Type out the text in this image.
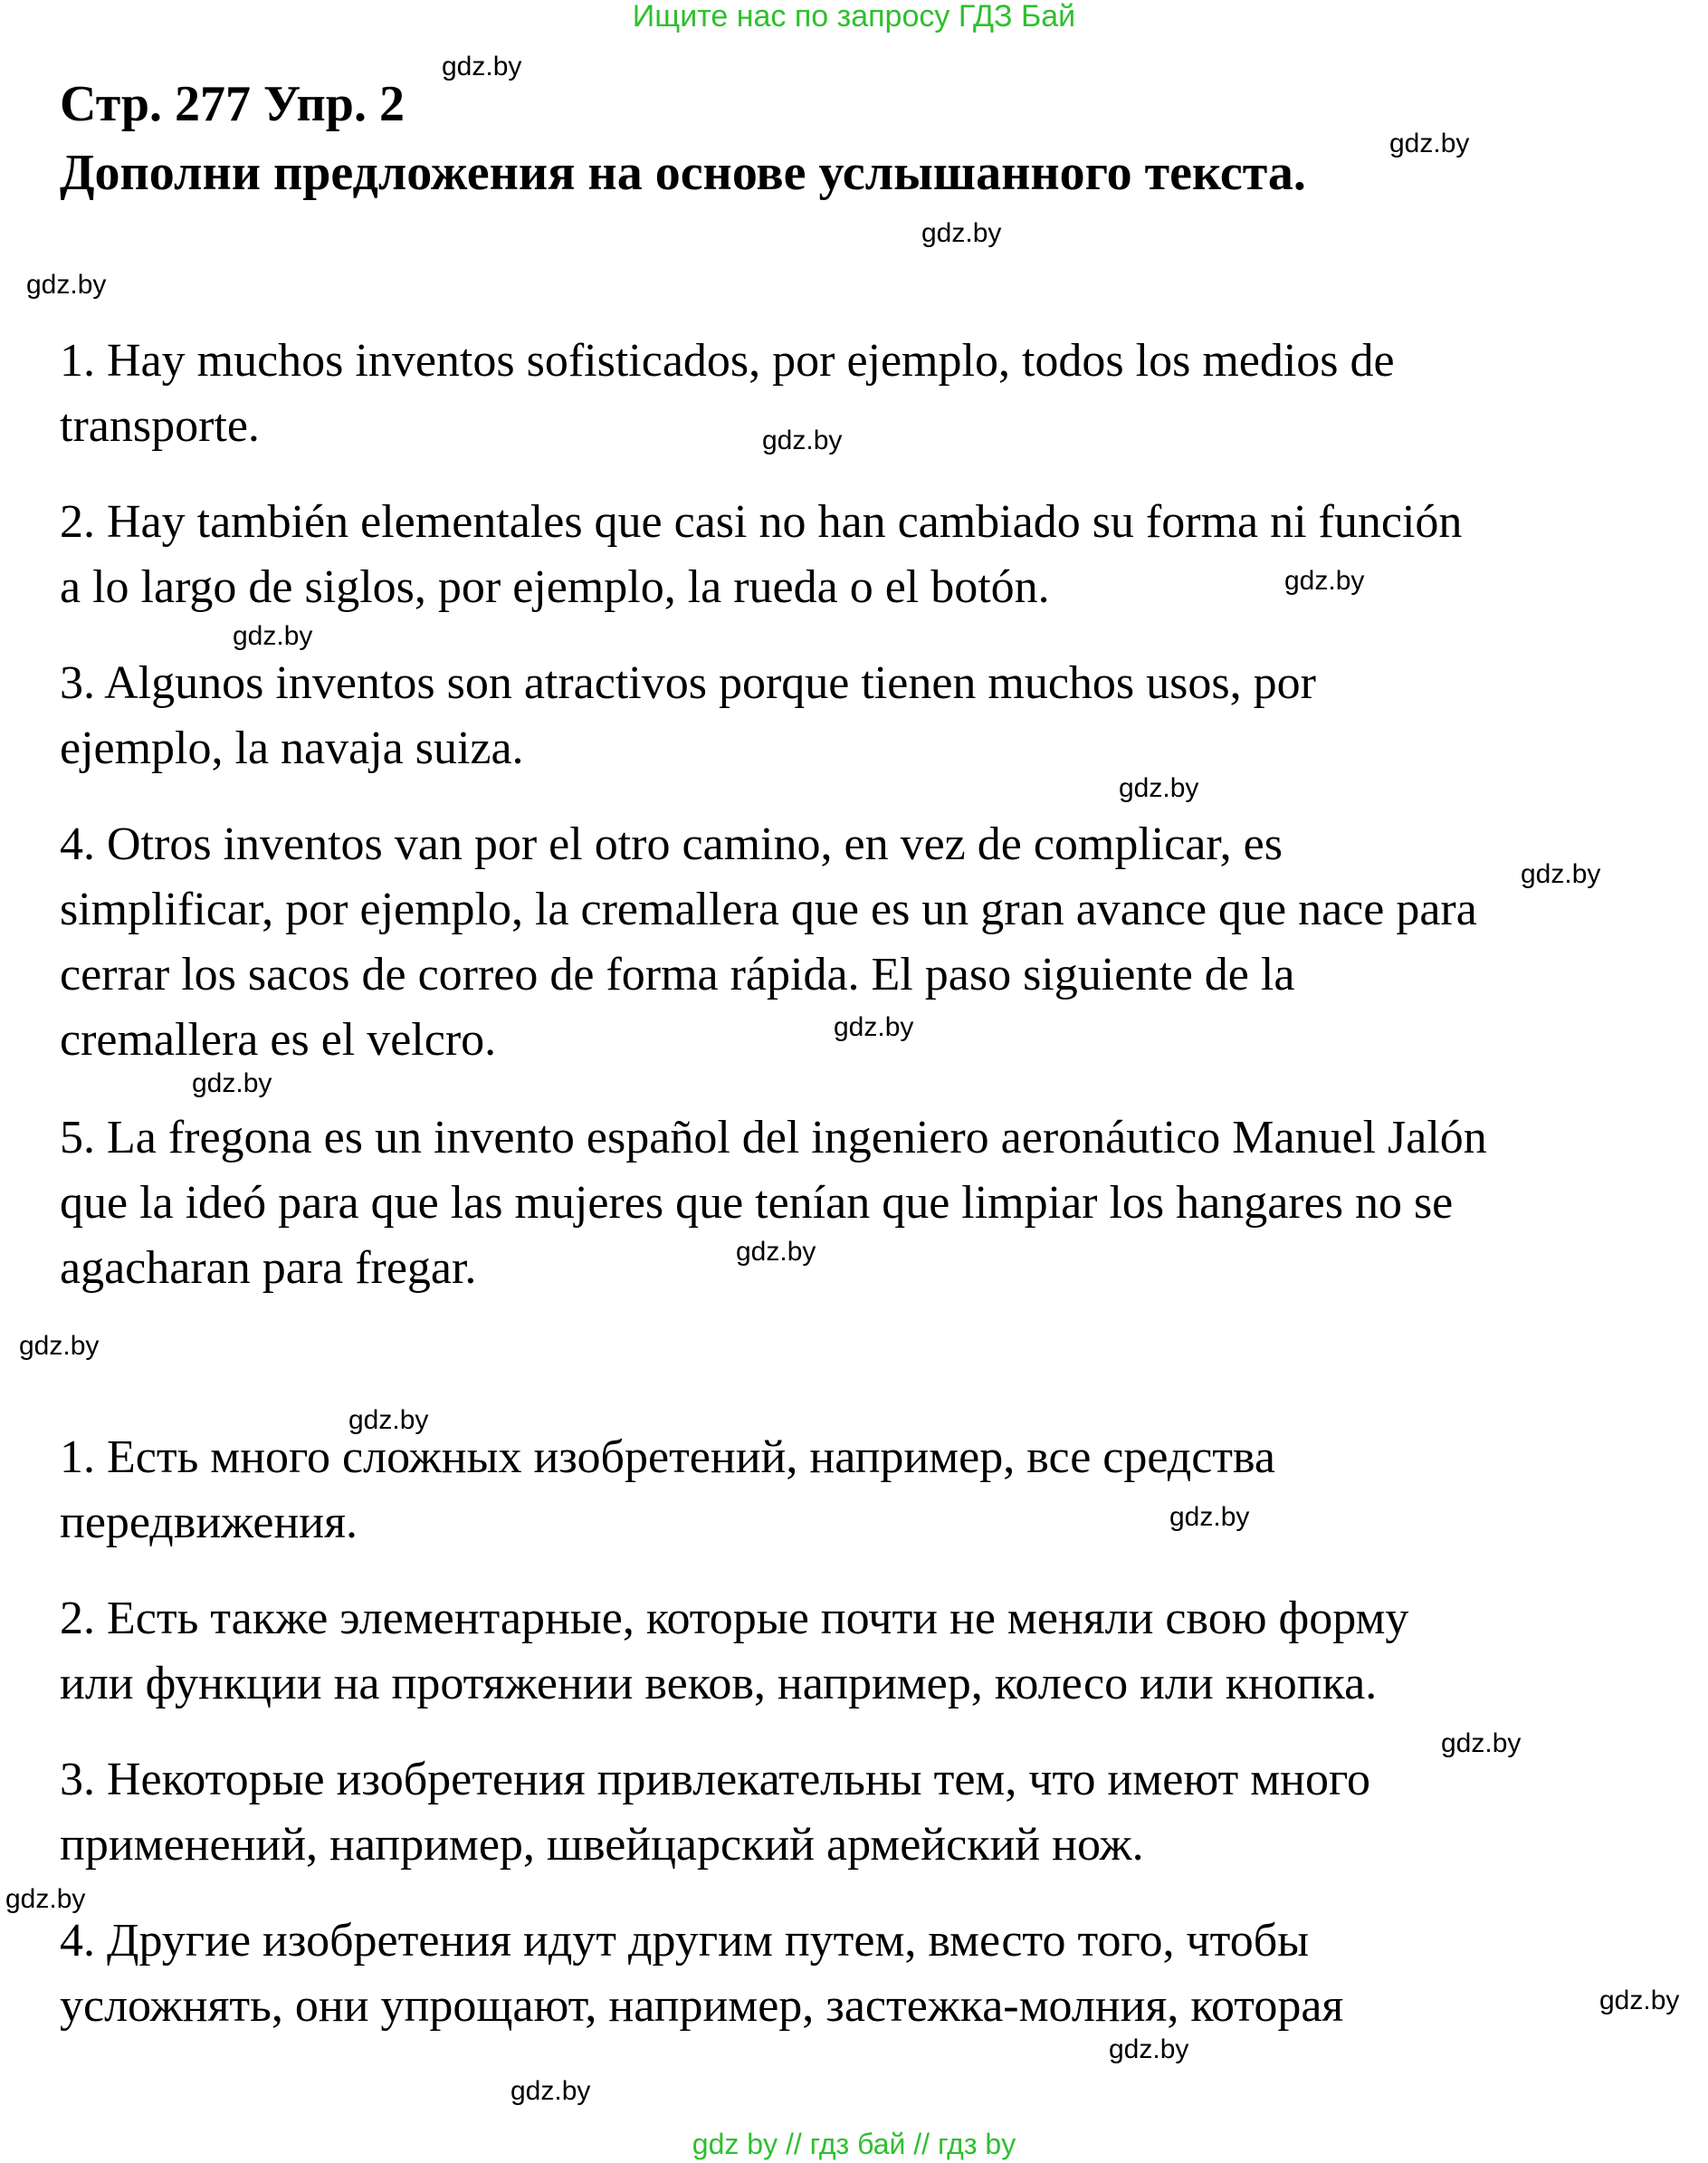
Ищите нас по запросу ГДЗ Бай
Стр. 277 Упр. 2
Дополни предложения на основе услышанного текста.

1. Hay muchos inventos sofisticados, por ejemplo, todos los medios de

transporte.

2. Hay también elementales que casi no han cambiado su forma ni función

a lo largo de siglos, por ejemplo, la rueda o el botón.

3. Algunos inventos son atractivos porque tienen muchos usos, por

ejemplo, la navaja suiza.

4. Otros inventos van por el otro camino, en vez de complicar, es

simplificar, por ejemplo, la cremallera que es un gran avance que nace para

cerrar los sacos de correo de forma rápida. El paso siguiente de la

cremallera es el velcro.

5. La fregona es un invento español del ingeniero aeronáutico Manuel Jalón

que la ideó para que las mujeres que tenían que limpiar los hangares no se

agacharan para fregar.

1. Есть много сложных изобретений, например, все средства

передвижения.

2. Есть также элементарные, которые почти не меняли свою форму

или функции на протяжении веков, например, колесо или кнопка.

3. Некоторые изобретения привлекательны тем, что имеют много

применений, например, швейцарский армейский нож.

4. Другие изобретения идут другим путем, вместо того, чтобы

усложнять, они упрощают, например, застежка-молния, которая

gdz.by
gdz.by
gdz.by
gdz.by
gdz.by
gdz.by
gdz.by
gdz.by
gdz.by
gdz.by
gdz.by
gdz.by
gdz.by
gdz.by
gdz.by
gdz.by
gdz.by
gdz.by
gdz.by
gdz.by
gdz by // гдз бай // гдз by
